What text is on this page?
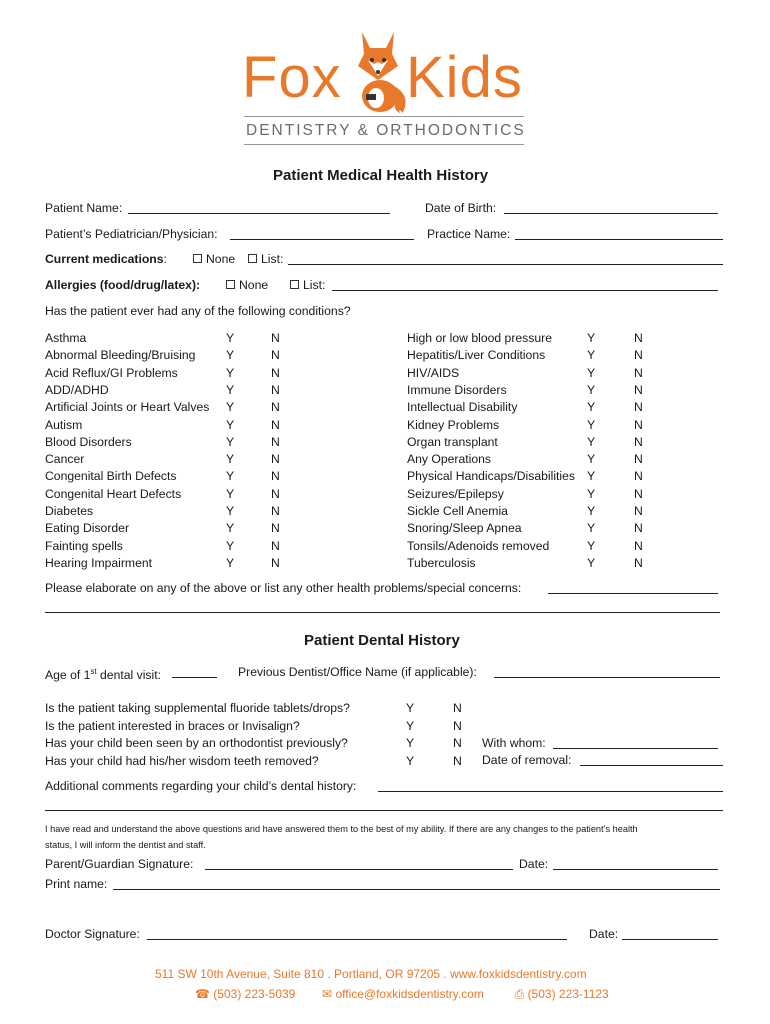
Fox Kids
DENTISTRY & ORTHODONTICS
Patient Medical Health History
Patient Name:	Date of Birth:
Patient’s Pediatrician/Physician:	Practice Name:
Current medications:	None	List:
Allergies (food/drug/latex):	None	List:
Has the patient ever had any of the following conditions?
Asthma	Y	N
Abnormal Bleeding/Bruising	Y	N
Acid Reflux/GI Problems	Y	N
ADD/ADHD	Y	N
Artificial Joints or Heart Valves Y	N
Autism	Y	N
Blood Disorders	Y	N
Cancer	Y	N
Congenital Birth Defects	Y	N
Congenital Heart Defects	Y	N
Diabetes	Y	N
Eating Disorder	Y	N
Fainting spells	Y	N
Hearing Impairment	Y	N
High or low blood pressure	Y	N
Hepatitis/Liver Conditions	Y	N
HIV/AIDS	Y	N
Immune Disorders	Y	N
Intellectual Disability	Y	N
Kidney Problems	Y	N
Organ transplant	Y	N
Any Operations	Y	N
Physical Handicaps/Disabilities Y	N
Seizures/Epilepsy	Y	N
Sickle Cell Anemia	Y	N
Snoring/Sleep Apnea	Y	N
Tonsils/Adenoids removed	Y	N
Tuberculosis	Y	N
Please elaborate on any of the above or list any other health problems/special concerns:
Patient Dental History
Age of 1st dental visit:	Previous Dentist/Office Name (if applicable):
Is the patient taking supplemental fluoride tablets/drops?	Y	N
Is the patient interested in braces or Invisalign?	Y	N
Has your child been seen by an orthodontist previously?	Y	N
Has your child had his/her wisdom teeth removed?	Y	N
With whom:
Date of removal:
Additional comments regarding your child’s dental history:
I have read and understand the above questions and have answered them to the best of my ability. If there are any changes to the patient’s health
status, I will inform the dentist and staff.
Parent/Guardian Signature:	Date:
Print name:
Doctor Signature:	Date:
511 SW 10th Avenue, Suite 810 . Portland, OR 97205 . www.foxkidsdentistry.com
☎ (503) 223-5039 ✉ office@foxkidsdentistry.com	⎙ (503) 223-1123
